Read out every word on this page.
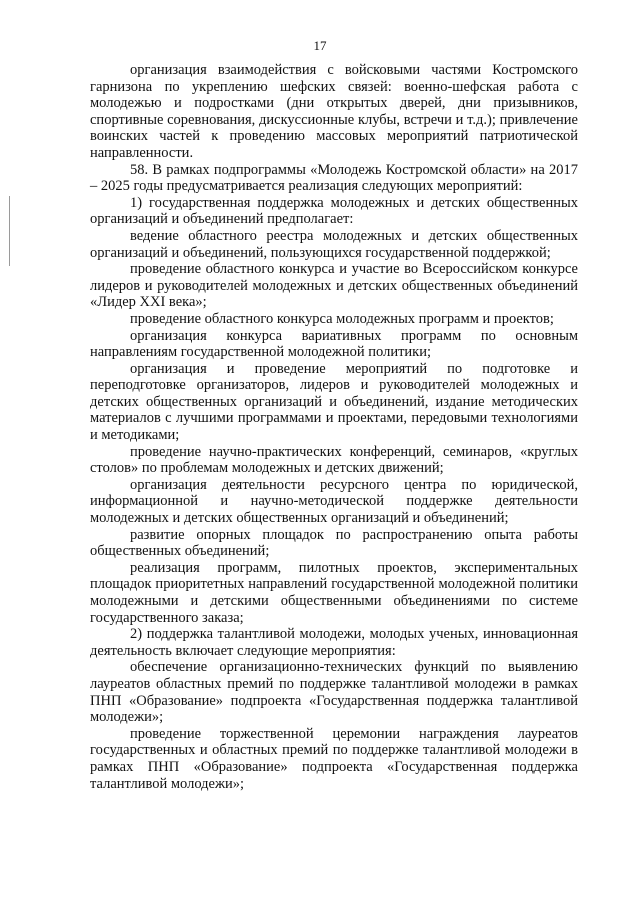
17

организация взаимодействия с войсковыми частями Костромского гарнизона по укреплению шефских связей: военно-шефская работа с молодежью и подростками (дни открытых дверей, дни призывников, спортивные соревнования, дискуссионные клубы, встречи и т.д.); привлечение воинских частей к проведению массовых мероприятий патриотической направленности.

58. В рамках подпрограммы «Молодежь Костромской области» на 2017 – 2025 годы предусматривается реализация следующих мероприятий:

1) государственная поддержка молодежных и детских общественных организаций и объединений предполагает:

ведение областного реестра молодежных и детских общественных организаций и объединений, пользующихся государственной поддержкой;

проведение областного конкурса и участие во Всероссийском конкурсе лидеров и руководителей молодежных и детских общественных объединений «Лидер XXI века»;

проведение областного конкурса молодежных программ и проектов;

организация конкурса вариативных программ по основным направлениям государственной молодежной политики;

организация и проведение мероприятий по подготовке и переподготовке организаторов, лидеров и руководителей молодежных и детских общественных организаций и объединений, издание методических материалов с лучшими программами и проектами, передовыми технологиями и методиками;

проведение научно-практических конференций, семинаров, «круглых столов» по проблемам молодежных и детских движений;

организация деятельности ресурсного центра по юридической, информационной и научно-методической поддержке деятельности молодежных и детских общественных организаций и объединений;

развитие опорных площадок по распространению опыта работы общественных объединений;

реализация программ, пилотных проектов, экспериментальных площадок приоритетных направлений государственной молодежной политики молодежными и детскими общественными объединениями по системе государственного заказа;

2) поддержка талантливой молодежи, молодых ученых, инновационная деятельность включает следующие мероприятия:

обеспечение организационно-технических функций по выявлению лауреатов областных премий по поддержке талантливой молодежи в рамках ПНП «Образование» подпроекта «Государственная поддержка талантливой молодежи»;

проведение торжественной церемонии награждения лауреатов государственных и областных премий по поддержке талантливой молодежи в рамках ПНП «Образование» подпроекта «Государственная поддержка талантливой молодежи»;
